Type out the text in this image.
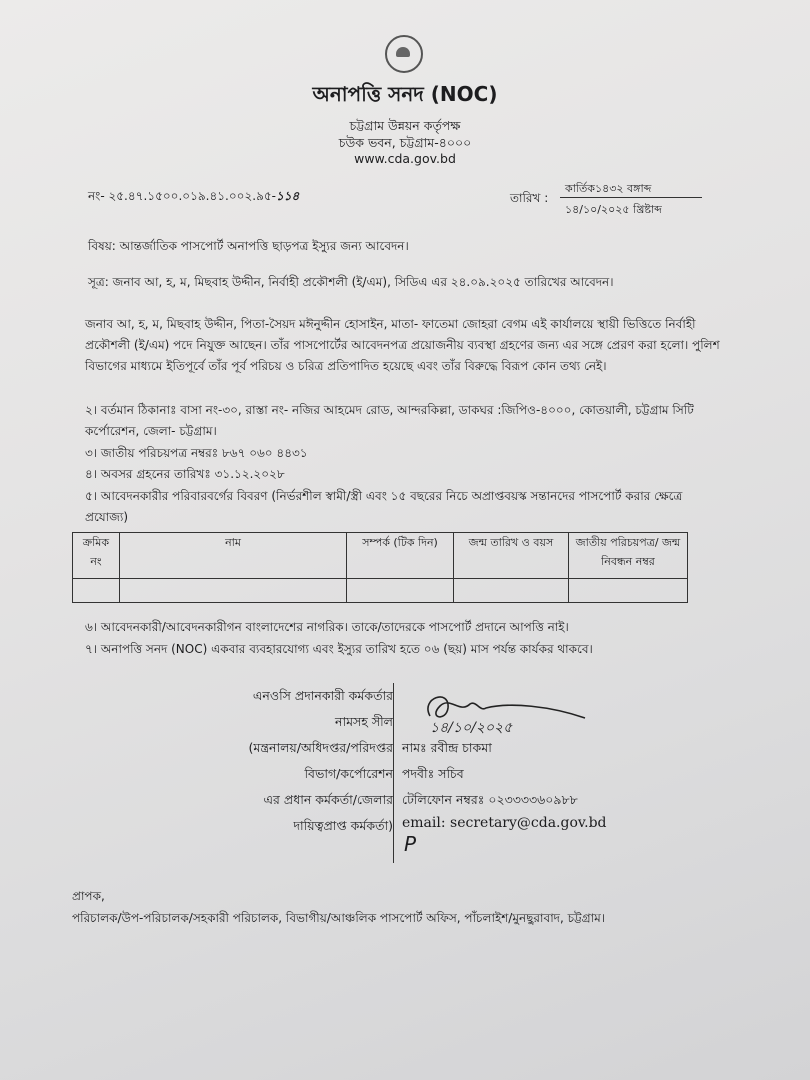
অনাপত্তি সনদ (NOC)
চট্টগ্রাম উন্নয়ন কর্তৃপক্ষ
চউক ভবন, চট্টগ্রাম-৪০০০
www.cda.gov.bd
নং- ২৫.৪৭.১৫০০.০১৯.৪১.০০২.৯৫-১১৪	তারিখ :
কার্তিক১৪৩২ বঙ্গাব্দ
১৪/১০/২০২৫ খ্রিষ্টাব্দ
বিষয়: আন্তর্জাতিক পাসপোর্ট অনাপত্তি ছাড়পত্র ইস্যুর জন্য আবেদন।
সূত্র: জনাব আ, হ, ম, মিছবাহ উদ্দীন, নির্বাহী প্রকৌশলী (ই/এম), সিডিএ এর ২৪.০৯.২০২৫ তারিখের আবেদন।
জনাব আ, হ, ম, মিছবাহ উদ্দীন, পিতা-সৈয়দ মঈনুদ্দীন হোসাইন, মাতা- ফাতেমা জোহরা বেগম এই কার্যালয়ে স্থায়ী ভিত্তিতে নির্বাহী প্রকৌশলী (ই/এম) পদে নিযুক্ত আছেন। তাঁর পাসপোর্টের আবেদনপত্র প্রয়োজনীয় ব্যবস্থা গ্রহণের জন্য এর সঙ্গে প্রেরণ করা হলো। পুলিশ বিভাগের মাধ্যমে ইতিপূর্বে তাঁর পূর্ব পরিচয় ও চরিত্র প্রতিপাদিত হয়েছে এবং তাঁর বিরুদ্ধে বিরূপ কোন তথ্য নেই।
২। বর্তমান ঠিকানাঃ বাসা নং-৩০, রাস্তা নং- নজির আহমেদ রোড, আন্দরকিল্লা, ডাকঘর :জিপিও-৪০০০, কোতয়ালী, চট্টগ্রাম সিটি কর্পোরেশন, জেলা- চট্টগ্রাম।
৩। জাতীয় পরিচয়পত্র নম্বরঃ ৮৬৭ ০৬০ ৪৪৩১
৪। অবসর গ্রহনের তারিখঃ ৩১.১২.২০২৮
৫। আবেদনকারীর পরিবারবর্গের বিবরণ (নির্ভরশীল স্বামী/স্ত্রী এবং ১৫ বছরের নিচে অপ্রাপ্তবয়স্ক সন্তানদের পাসপোর্ট করার ক্ষেত্রে প্রযোজ্য)
ক্রমিক নং	নাম	সম্পর্ক (টিক দিন)	জন্ম তারিখ ও বয়স	জাতীয় পরিচয়পত্র/ জন্ম নিবন্ধন নম্বর

৬। আবেদনকারী/আবেদনকারীগন বাংলাদেশের নাগরিক। তাকে/তাদেরকে পাসপোর্ট প্রদানে আপত্তি নাই।
৭। অনাপত্তি সনদ (NOC) একবার ব্যবহারযোগ্য এবং ইস্যুর তারিখ হতে ০৬ (ছয়) মাস পর্যন্ত কার্যকর থাকবে।
এনওসি প্রদানকারী কর্মকর্তার
নামসহ সীল
(মন্ত্রনালয়/অধিদপ্তর/পরিদপ্তর
বিভাগ/কর্পোরেশন
এর প্রধান কর্মকর্তা/জেলার
দায়িত্বপ্রাপ্ত কর্মকর্তা)
১৪/১০/২০২৫
নামঃ রবীন্দ্র চাকমা
পদবীঃ সচিব
টেলিফোন নম্বরঃ ০২৩৩৩৩৬০৯৮৮
email: secretary@cda.gov.bd
P
প্রাপক,
পরিচালক/উপ-পরিচালক/সহকারী পরিচালক, বিভাগীয়/আঞ্চলিক পাসপোর্ট অফিস, পাঁচলাইশ/মুনছুরাবাদ, চট্টগ্রাম।
